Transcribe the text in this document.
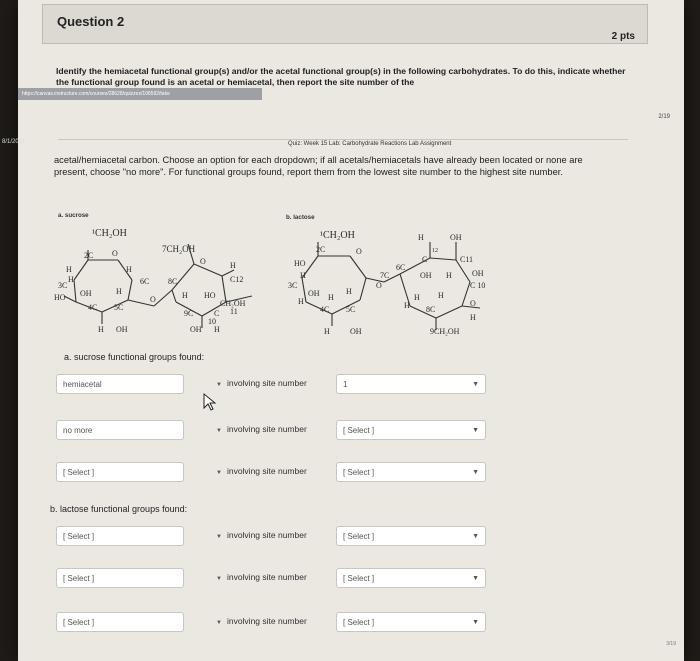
Question 2
2 pts
Identify the hemiacetal functional group(s) and/or the acetal functional group(s) in the following carbohydrates. To do this, indicate whether the functional group found is an acetal or hemiacetal, then report the site number of the
https://canvas.instructure.com/courses/28628/quizzes/106592/take
2/19
8/1/2021	Quiz: Week 15 Lab: Carbohydrate Reactions Lab Assignment
acetal/hemiacetal carbon. Choose an option for each dropdown; if all acetals/hemiacetals have already been located or none are present, choose "no more". For functional groups found, report them from the lowest site number to the highest site number.
a. sucrose
¹CH₂OH
2C O
H
H
H
3C	6C
HO OH	H
4C 5C
H OH
7CH₂OH
O	H
8C	C12
O	H HO
CH₂OH
9C	C 11
10
OH H
b. lactose
¹CH₂OH
2C	O
HO
H
3C	O
6C
7C
OH	H
H	H
4C 5C
H	OH
H	OH
12
C	C11
OH H	OH
C 10
H H
H 8C
O
H
9CH₂OH
a. sucrose functional groups found:
hemiacetal	▼ involving site number	1	▼
no more	▼ involving site number	[ Select ]	▼
[ Select ]	▼ involving site number	[ Select ]	▼
b. lactose functional groups found:
[ Select ]	▼ involving site number	[ Select ]	▼
[ Select ]	▼ involving site number	[ Select ]	▼
[ Select ]	▼ involving site number	[ Select ]	▼
3/19
